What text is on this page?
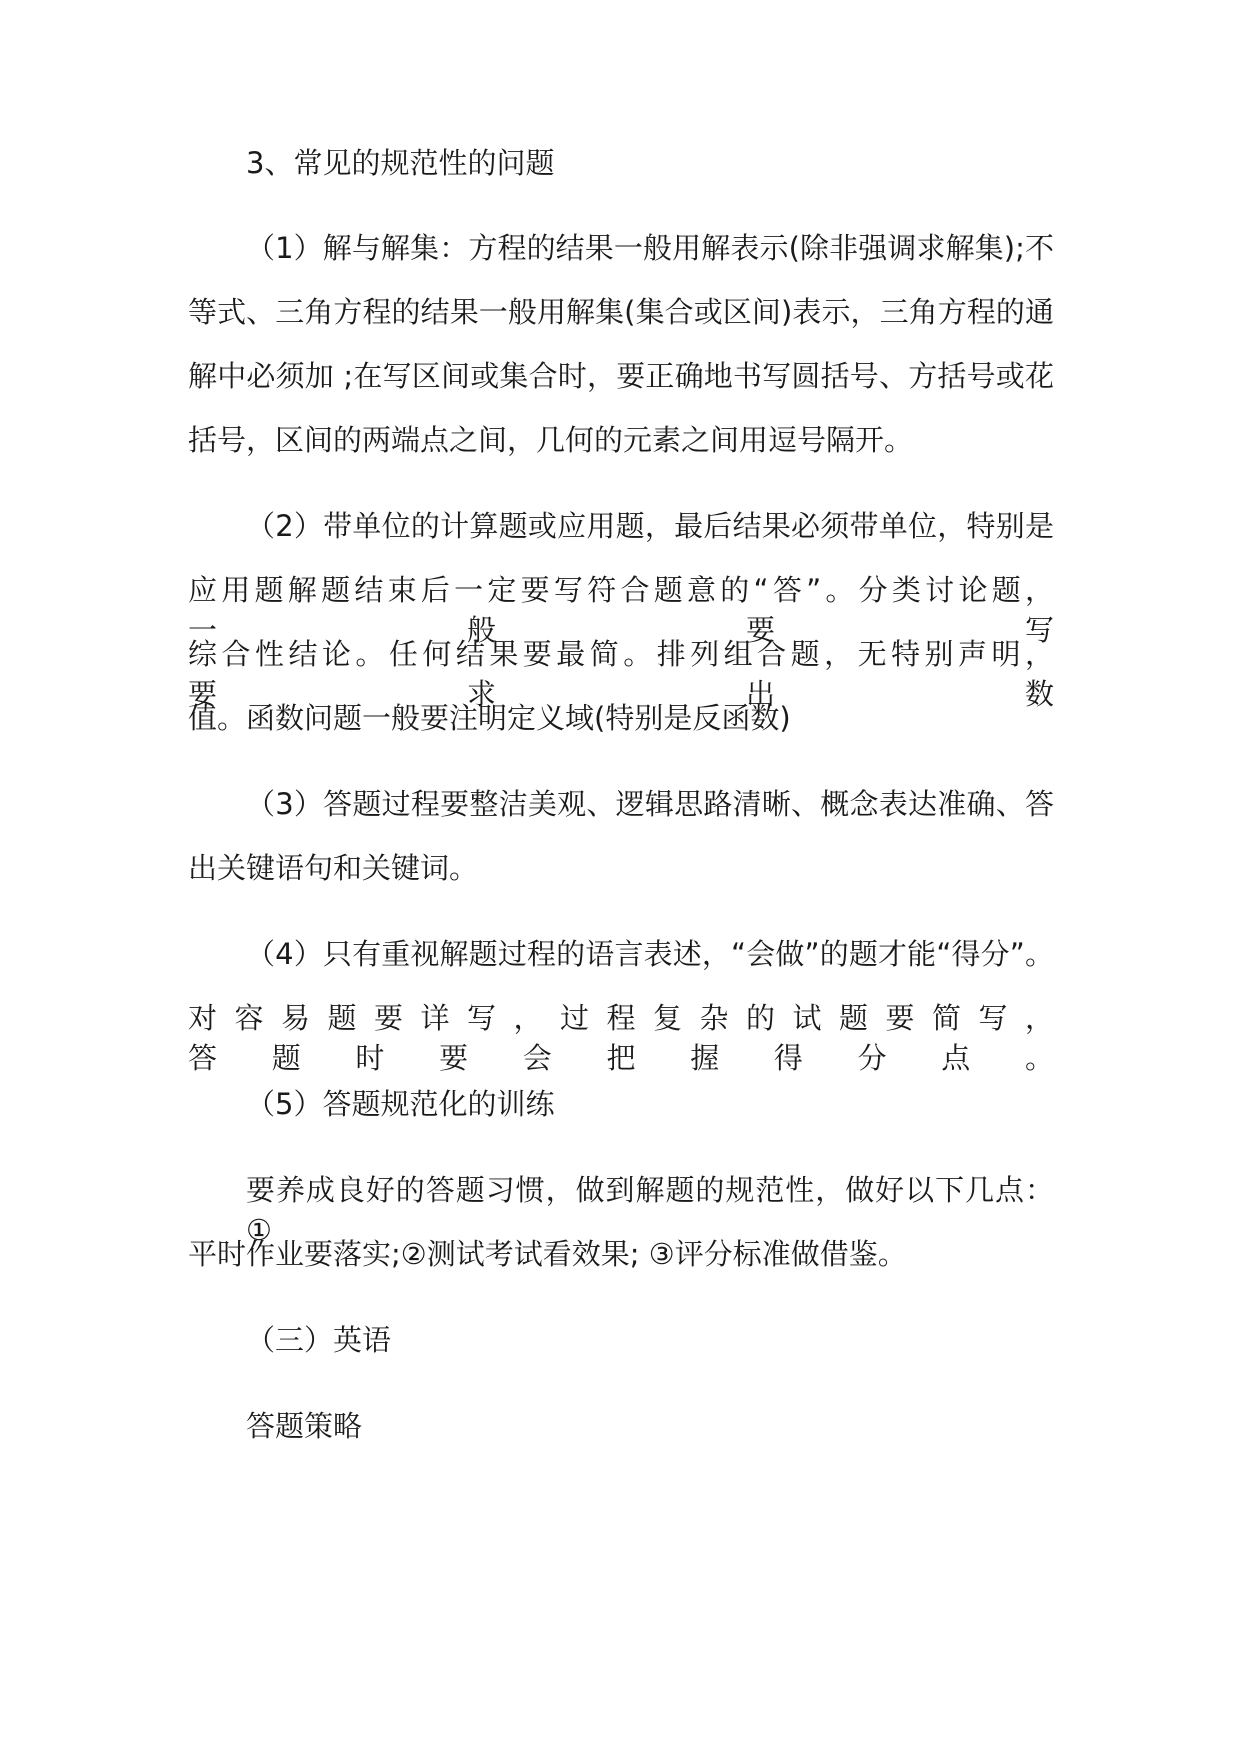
3、常见的规范性的问题
（1）解与解集：方程的结果一般用解表示(除非强调求解集);不
等式、三角方程的结果一般用解集(集合或区间)表示，三角方程的通
解中必须加 ;在写区间或集合时，要正确地书写圆括号、方括号或花
括号，区间的两端点之间，几何的元素之间用逗号隔开。
（2）带单位的计算题或应用题，最后结果必须带单位，特别是
应用题解题结束后一定要写符合题意的“答”。分类讨论题，一般要写
综合性结论。任何结果要最简。排列组合题，无特别声明，要求出数
值。函数问题一般要注明定义域(特别是反函数)
（3）答题过程要整洁美观、逻辑思路清晰、概念表达准确、答
出关键语句和关键词。
（4）只有重视解题过程的语言表述，“会做”的题才能“得分”。
对容易题要详写，过程复杂的试题要简写，答题时要会把握得分点。
（5）答题规范化的训练
要养成良好的答题习惯，做到解题的规范性，做好以下几点：①
平时作业要落实;②测试考试看效果; ③评分标准做借鉴。
（三）英语
答题策略
